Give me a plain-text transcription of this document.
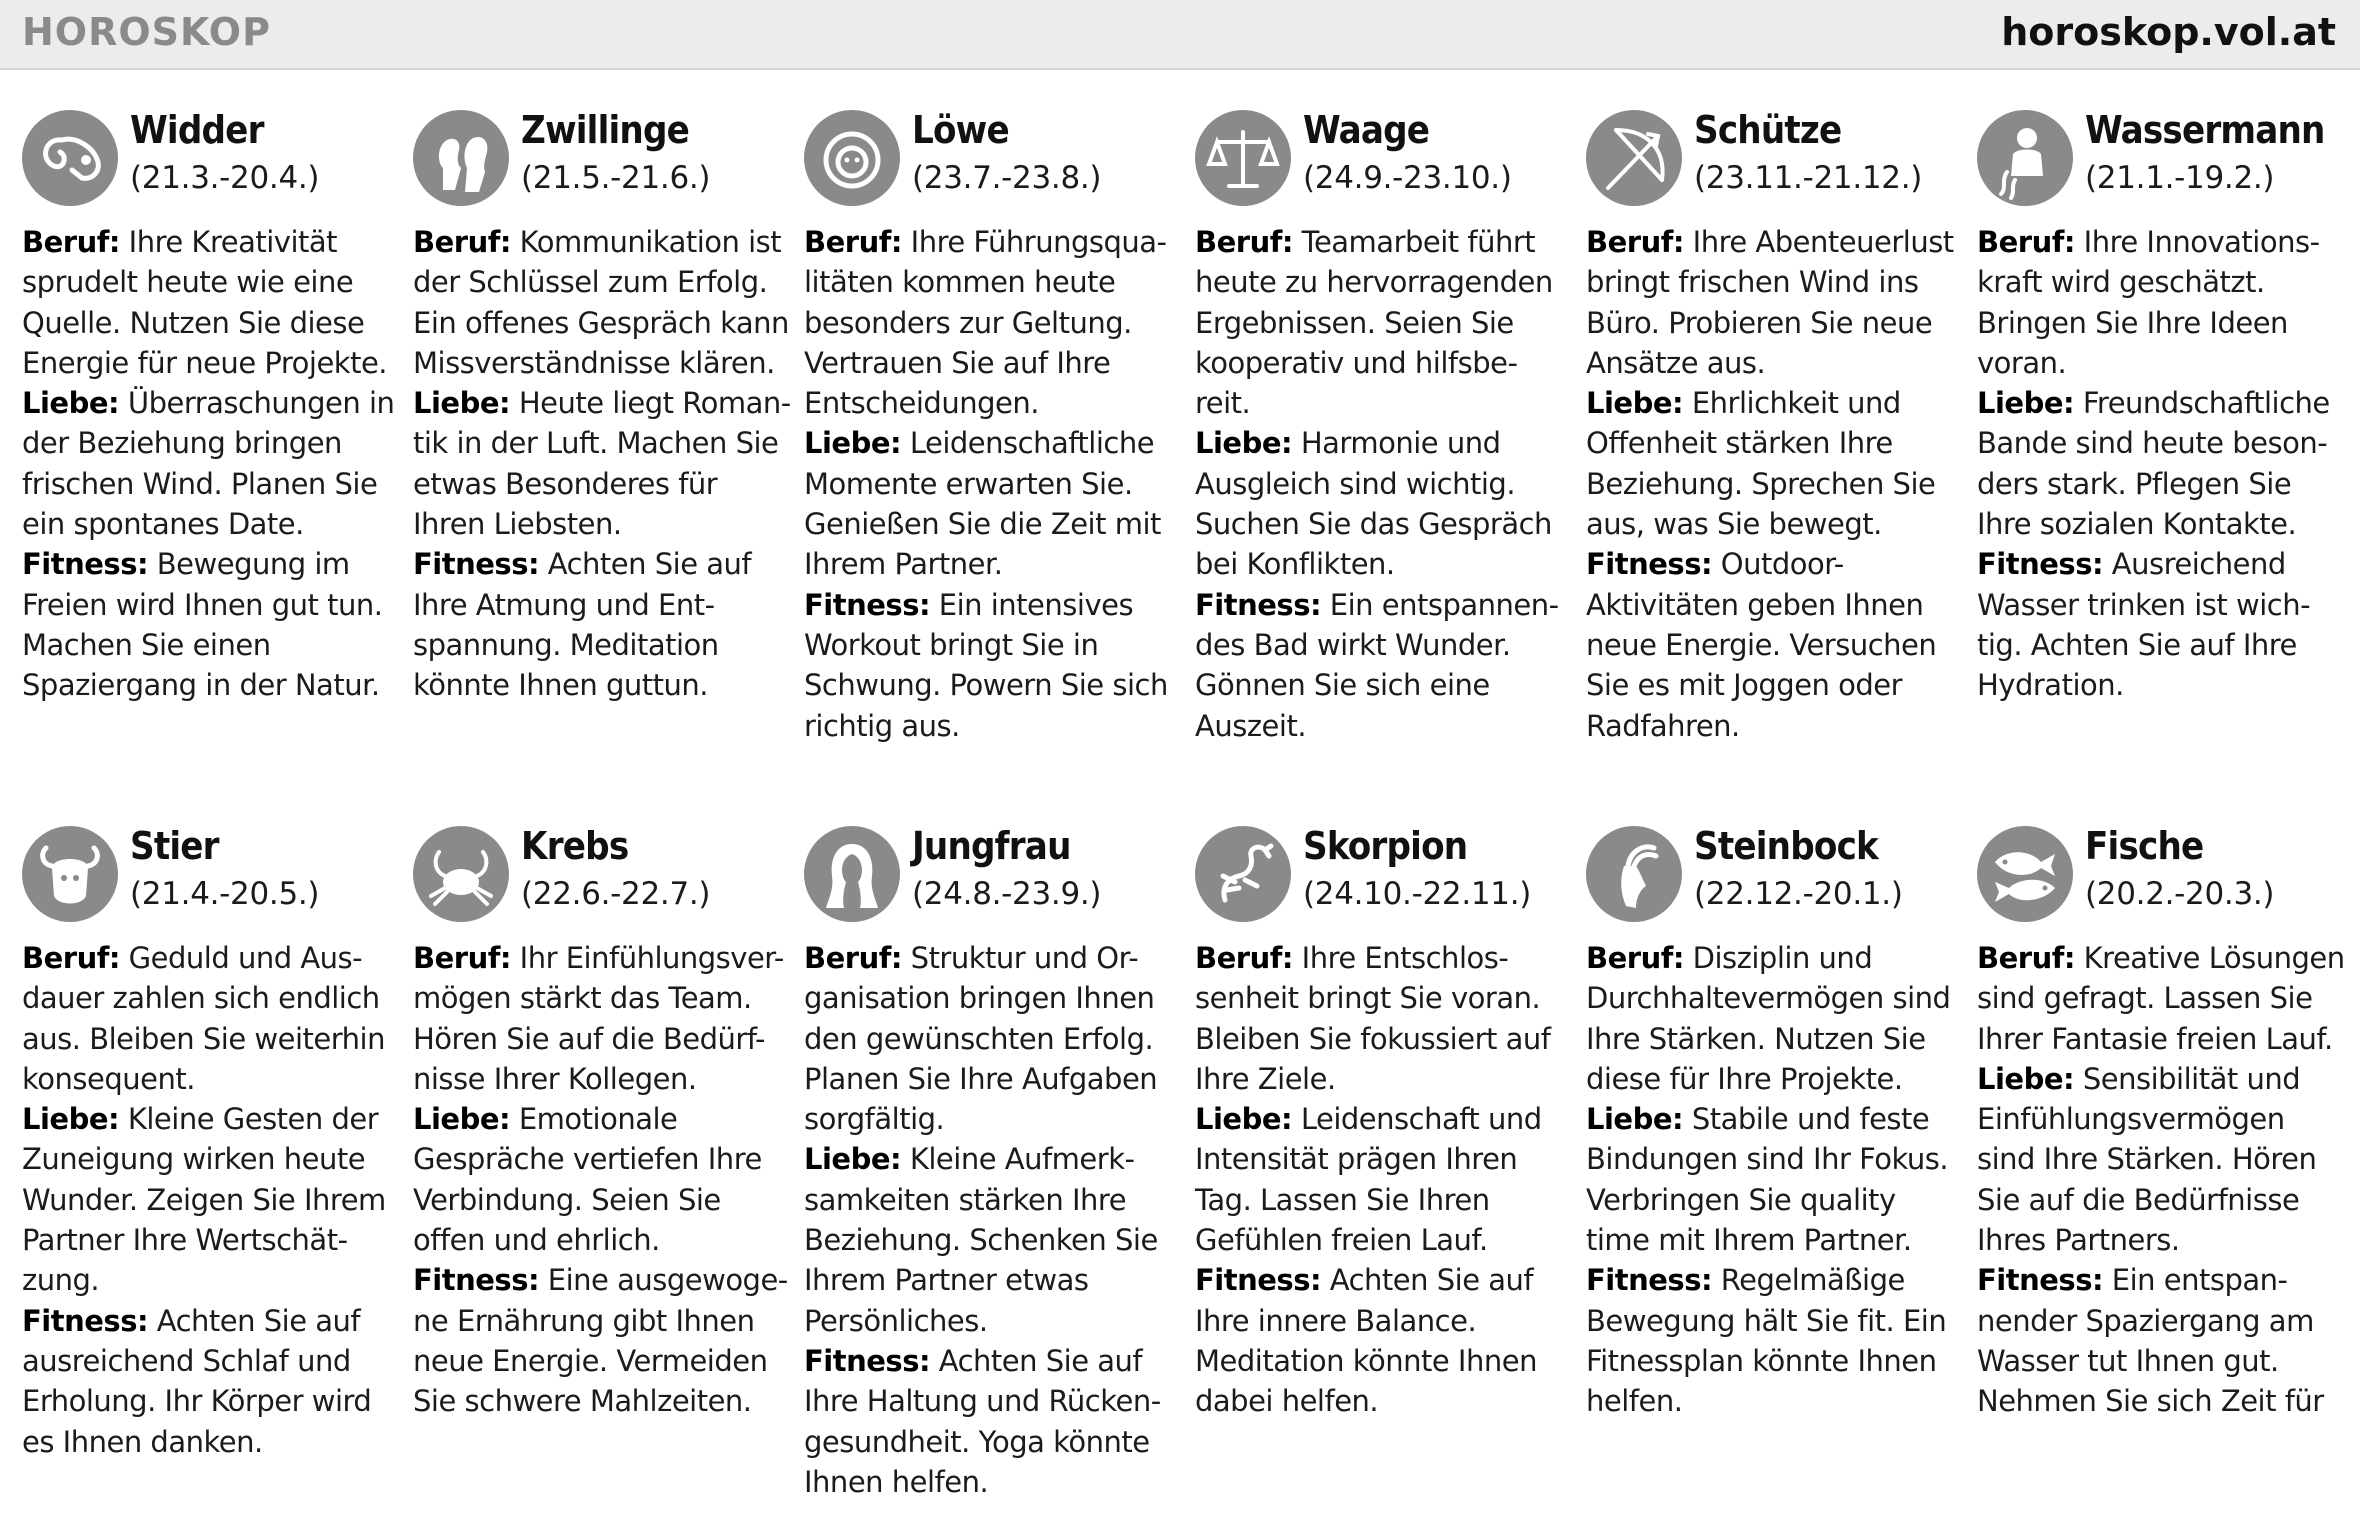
HOROSKOP	horoskop.vol.at
Widder
(21.3.-20.4.)
Beruf: Ihre Kreativität sprudelt heute wie eine Quelle. Nutzen Sie diese Energie für neue Projekte.
Liebe: Überraschungen in der Beziehung bringen frischen Wind. Planen Sie ein spontanes Date.
Fitness: Bewegung im Freien wird Ihnen gut tun. Machen Sie einen Spaziergang in der Natur.
Zwillinge
(21.5.-21.6.)
Beruf: Kommunikation ist der Schlüssel zum Erfolg. Ein offenes Gespräch kann Missverständnisse klären.
Liebe: Heute liegt Roman- tik in der Luft. Machen Sie etwas Besonderes für Ihren Liebsten.
Fitness: Achten Sie auf Ihre Atmung und Ent- spannung. Meditation könnte Ihnen guttun.
Löwe
(23.7.-23.8.)
Beruf: Ihre Führungsqua- litäten kommen heute besonders zur Geltung. Vertrauen Sie auf Ihre Entscheidungen.
Liebe: Leidenschaftliche Momente erwarten Sie. Genießen Sie die Zeit mit Ihrem Partner.
Fitness: Ein intensives Workout bringt Sie in Schwung. Powern Sie sich richtig aus.
Waage
(24.9.-23.10.)
Beruf: Teamarbeit führt heute zu hervorragenden Ergebnissen. Seien Sie kooperativ und hilfsbe- reit.
Liebe: Harmonie und Ausgleich sind wichtig. Suchen Sie das Gespräch bei Konflikten.
Fitness: Ein entspannen- des Bad wirkt Wunder. Gönnen Sie sich eine Auszeit.
Schütze
(23.11.-21.12.)
Beruf: Ihre Abenteuerlust bringt frischen Wind ins Büro. Probieren Sie neue Ansätze aus.
Liebe: Ehrlichkeit und Offenheit stärken Ihre Beziehung. Sprechen Sie aus, was Sie bewegt.
Fitness: Outdoor- Aktivitäten geben Ihnen neue Energie. Versuchen Sie es mit Joggen oder Radfahren.
Wassermann
(21.1.-19.2.)
Beruf: Ihre Innovations- kraft wird geschätzt. Bringen Sie Ihre Ideen voran.
Liebe: Freundschaftliche Bande sind heute beson- ders stark. Pflegen Sie Ihre sozialen Kontakte.
Fitness: Ausreichend Wasser trinken ist wich- tig. Achten Sie auf Ihre Hydration.
Stier
(21.4.-20.5.)
Beruf: Geduld und Aus- dauer zahlen sich endlich aus. Bleiben Sie weiterhin konsequent.
Liebe: Kleine Gesten der Zuneigung wirken heute Wunder. Zeigen Sie Ihrem Partner Ihre Wertschät- zung.
Fitness: Achten Sie auf ausreichend Schlaf und Erholung. Ihr Körper wird es Ihnen danken.
Krebs
(22.6.-22.7.)
Beruf: Ihr Einfühlungsver- mögen stärkt das Team. Hören Sie auf die Bedürf- nisse Ihrer Kollegen.
Liebe: Emotionale Gespräche vertiefen Ihre Verbindung. Seien Sie offen und ehrlich.
Fitness: Eine ausgewoge- ne Ernährung gibt Ihnen neue Energie. Vermeiden Sie schwere Mahlzeiten.
Jungfrau
(24.8.-23.9.)
Beruf: Struktur und Or- ganisation bringen Ihnen den gewünschten Erfolg. Planen Sie Ihre Aufgaben sorgfältig.
Liebe: Kleine Aufmerk- samkeiten stärken Ihre Beziehung. Schenken Sie Ihrem Partner etwas Persönliches.
Fitness: Achten Sie auf Ihre Haltung und Rücken- gesundheit. Yoga könnte Ihnen helfen.
Skorpion
(24.10.-22.11.)
Beruf: Ihre Entschlos- senheit bringt Sie voran. Bleiben Sie fokussiert auf Ihre Ziele.
Liebe: Leidenschaft und Intensität prägen Ihren Tag. Lassen Sie Ihren Gefühlen freien Lauf.
Fitness: Achten Sie auf Ihre innere Balance. Meditation könnte Ihnen dabei helfen.
Steinbock
(22.12.-20.1.)
Beruf: Disziplin und Durchhaltevermögen sind Ihre Stärken. Nutzen Sie diese für Ihre Projekte.
Liebe: Stabile und feste Bindungen sind Ihr Fokus. Verbringen Sie quality time mit Ihrem Partner.
Fitness: Regelmäßige Bewegung hält Sie fit. Ein Fitnessplan könnte Ihnen helfen.
Fische
(20.2.-20.3.)
Beruf: Kreative Lösungen sind gefragt. Lassen Sie Ihrer Fantasie freien Lauf.
Liebe: Sensibilität und Einfühlungsvermögen sind Ihre Stärken. Hören Sie auf die Bedürfnisse Ihres Partners.
Fitness: Ein entspan- nender Spaziergang am Wasser tut Ihnen gut. Nehmen Sie sich Zeit für
